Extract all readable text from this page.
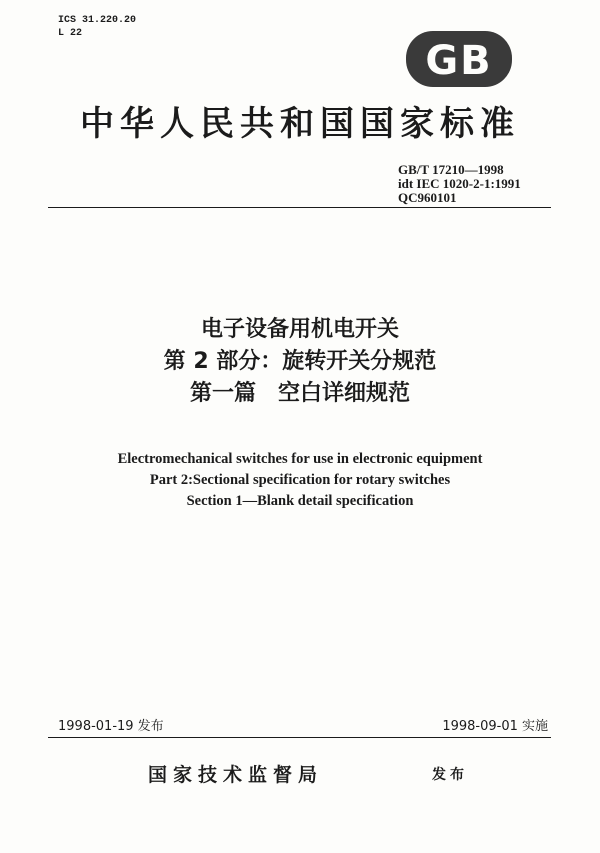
ICS 31.220.20
L 22
GB
中华人民共和国国家标准
GB/T 17210—1998
idt IEC 1020-2-1:1991
QC960101
电子设备用机电开关
第 2 部分：旋转开关分规范
第一篇　空白详细规范
Electromechanical switches for use in electronic equipment
Part 2:Sectional specification for rotary switches
Section 1—Blank detail specification
1998-01-19 发布	1998-09-01 实施
国家技术监督局	发布
